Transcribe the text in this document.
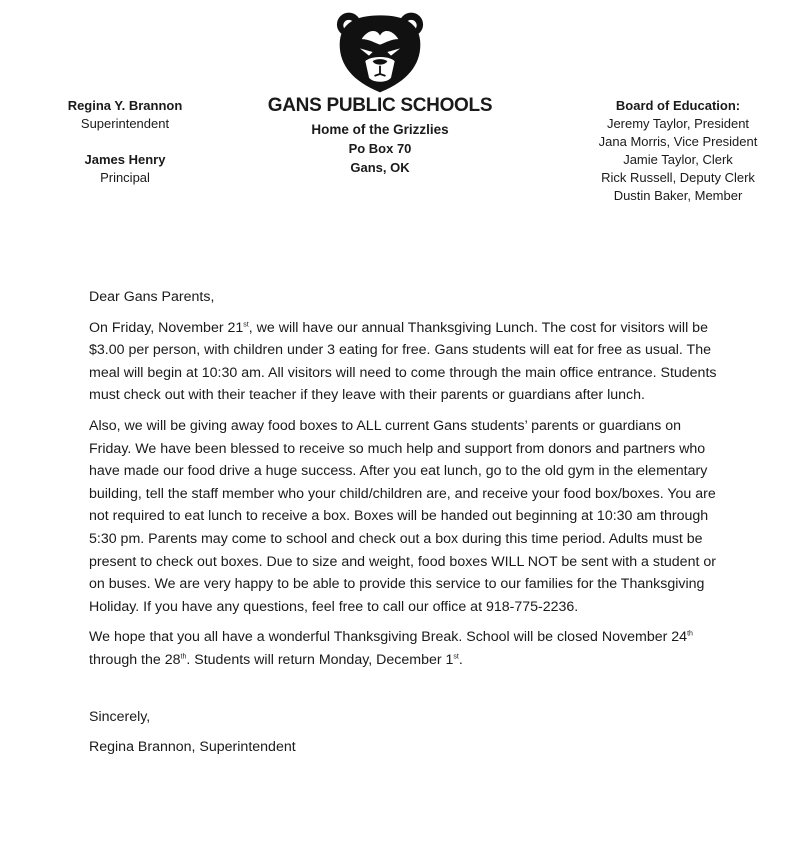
Regina Y. Brannon
Superintendent
James Henry
Principal
GANS PUBLIC SCHOOLS
Home of the Grizzlies
Po Box 70
Gans, OK
Board of Education:
Jeremy Taylor, President
Jana Morris, Vice President
Jamie Taylor, Clerk
Rick Russell, Deputy Clerk
Dustin Baker, Member

Dear Gans Parents,

On Friday, November 21st, we will have our annual Thanksgiving Lunch. The cost for visitors will be $3.00 per person, with children under 3 eating for free. Gans students will eat for free as usual. The meal will begin at 10:30 am. All visitors will need to come through the main office entrance. Students must check out with their teacher if they leave with their parents or guardians after lunch.

Also, we will be giving away food boxes to ALL current Gans students’ parents or guardians on Friday. We have been blessed to receive so much help and support from donors and partners who have made our food drive a huge success. After you eat lunch, go to the old gym in the elementary building, tell the staff member who your child/children are, and receive your food box/boxes. You are not required to eat lunch to receive a box. Boxes will be handed out beginning at 10:30 am through 5:30 pm. Parents may come to school and check out a box during this time period. Adults must be present to check out boxes. Due to size and weight, food boxes WILL NOT be sent with a student or on buses. We are very happy to be able to provide this service to our families for the Thanksgiving Holiday. If you have any questions, feel free to call our office at 918-775-2236.

We hope that you all have a wonderful Thanksgiving Break. School will be closed November 24th through the 28th. Students will return Monday, December 1st.

Sincerely,

Regina Brannon, Superintendent
